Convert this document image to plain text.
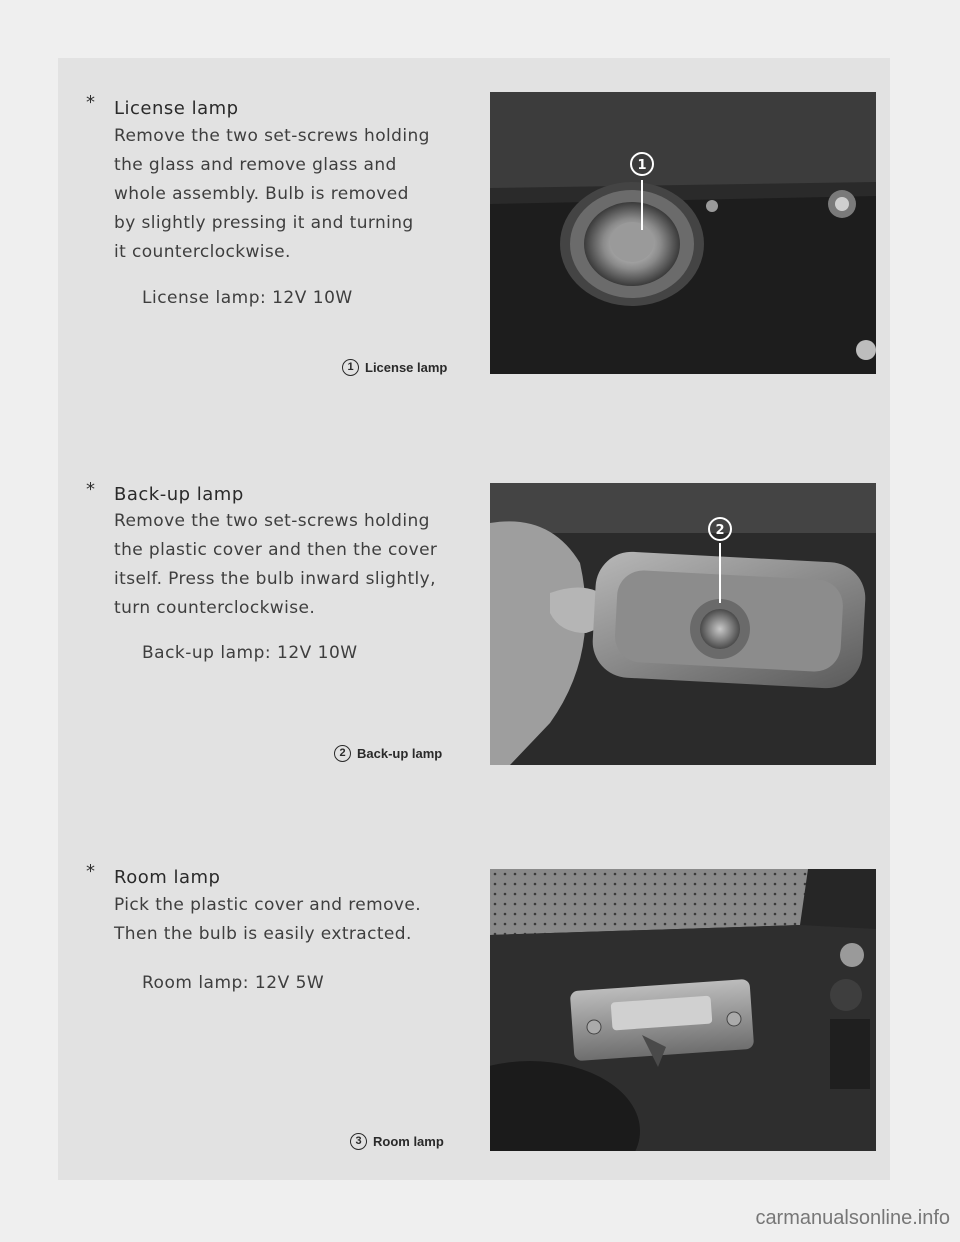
* License lamp
Remove the two set-screws holding
the glass and remove glass and
whole assembly. Bulb is removed
by slightly pressing it and turning
it counterclockwise.
License lamp: 12V 10W
1 License lamp
1
* Back-up lamp
Remove the two set-screws holding
the plastic cover and then the cover
itself. Press the bulb inward slightly,
turn counterclockwise.
Back-up lamp: 12V 10W
2 Back-up lamp
2
* Room lamp
Pick the plastic cover and remove.
Then the bulb is easily extracted.
Room lamp: 12V 5W
3 Room lamp
carmanualsonline.info
